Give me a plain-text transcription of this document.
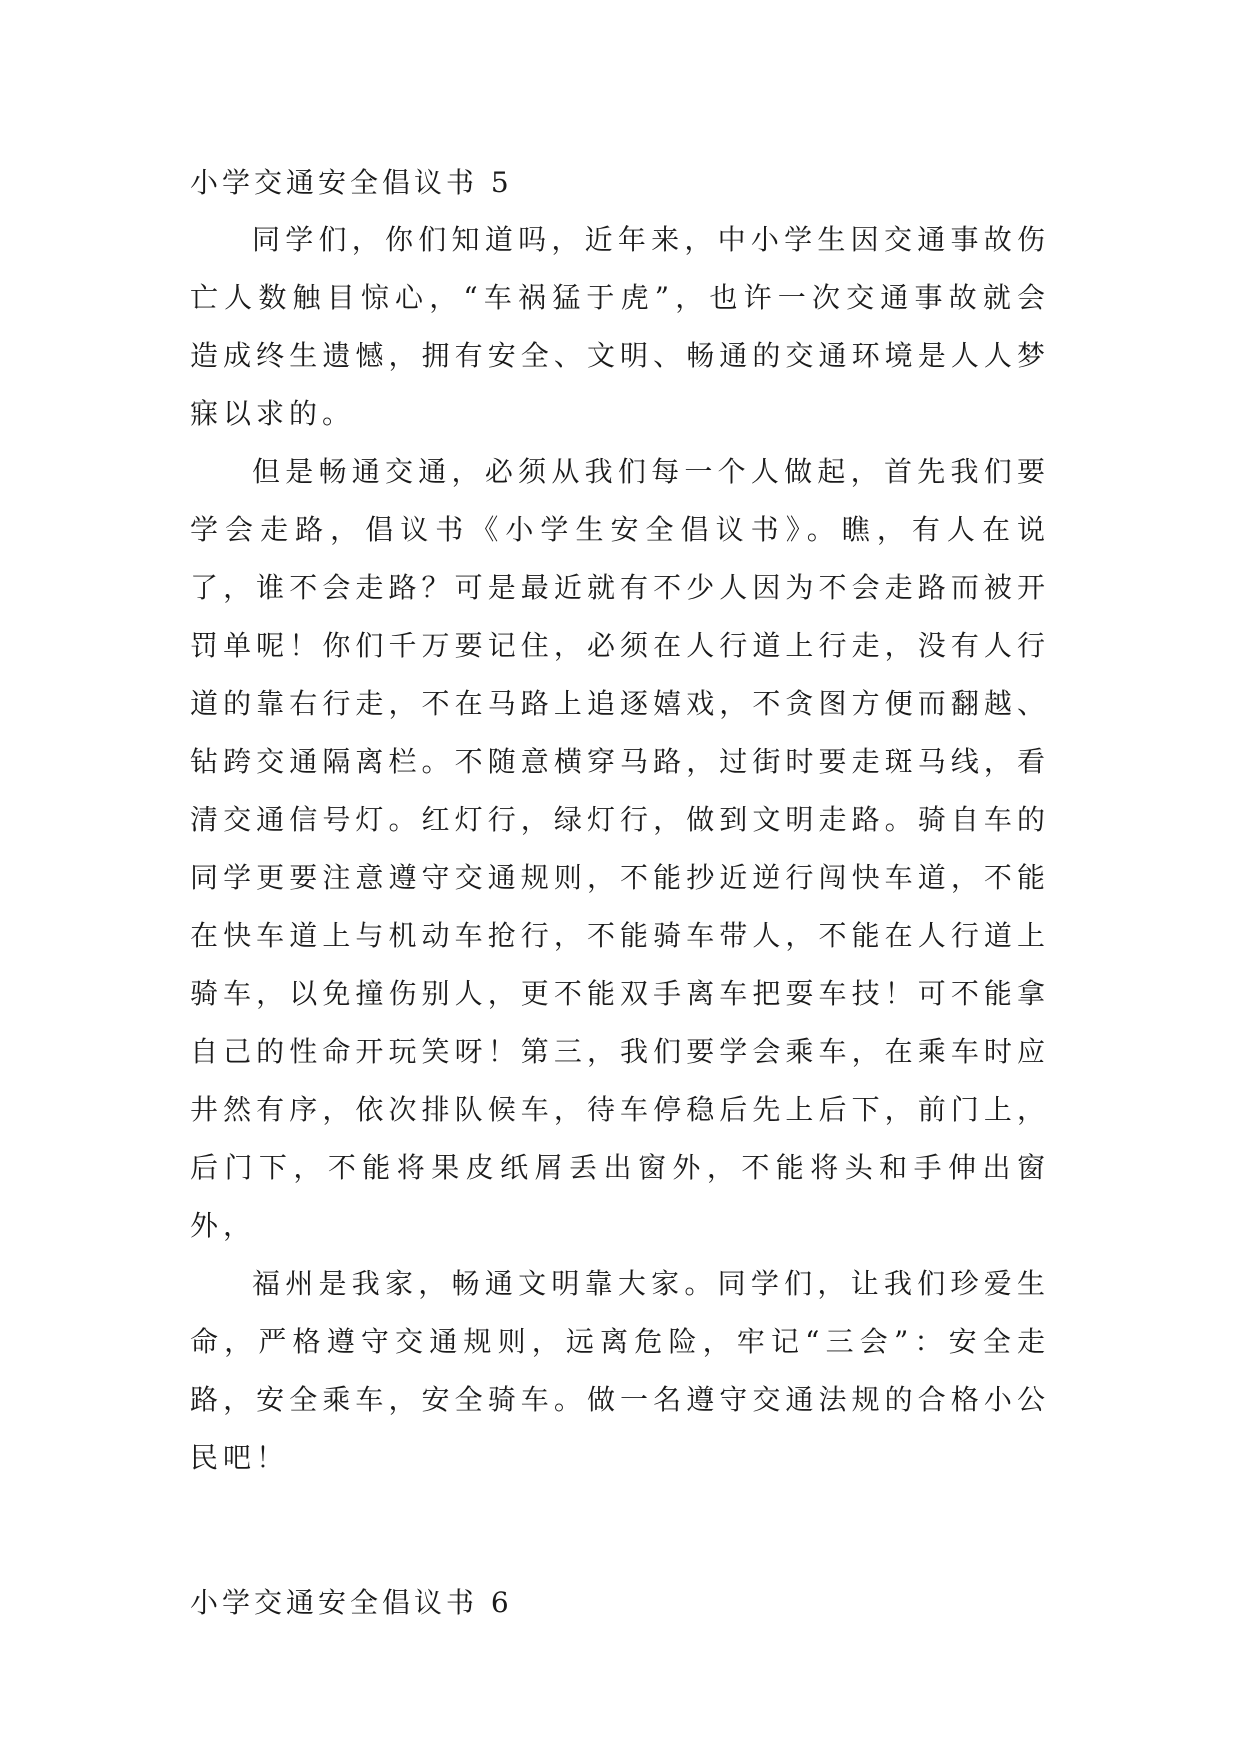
小学交通安全倡议书 5

同学们，你们知道吗，近年来，中小学生因交通事故伤亡人数触目惊心，“车祸猛于虎”，也许一次交通事故就会造成终生遗憾，拥有安全、文明、畅通的交通环境是人人梦寐以求的。

但是畅通交通，必须从我们每一个人做起，首先我们要学会走路，倡议书《小学生安全倡议书》。瞧，有人在说了，谁不会走路？可是最近就有不少人因为不会走路而被开罚单呢！你们千万要记住，必须在人行道上行走，没有人行道的靠右行走，不在马路上追逐嬉戏，不贪图方便而翻越、钻跨交通隔离栏。不随意横穿马路，过街时要走斑马线，看清交通信号灯。红灯行，绿灯行，做到文明走路。骑自车的同学更要注意遵守交通规则，不能抄近逆行闯快车道，不能在快车道上与机动车抢行，不能骑车带人，不能在人行道上骑车，以免撞伤别人，更不能双手离车把耍车技！可不能拿自己的性命开玩笑呀！第三，我们要学会乘车，在乘车时应井然有序，依次排队候车，待车停稳后先上后下，前门上，后门下，不能将果皮纸屑丢出窗外，不能将头和手伸出窗外，

福州是我家，畅通文明靠大家。同学们，让我们珍爱生命，严格遵守交通规则，远离危险，牢记“三会”：安全走路，安全乘车，安全骑车。做一名遵守交通法规的合格小公民吧！

小学交通安全倡议书 6
